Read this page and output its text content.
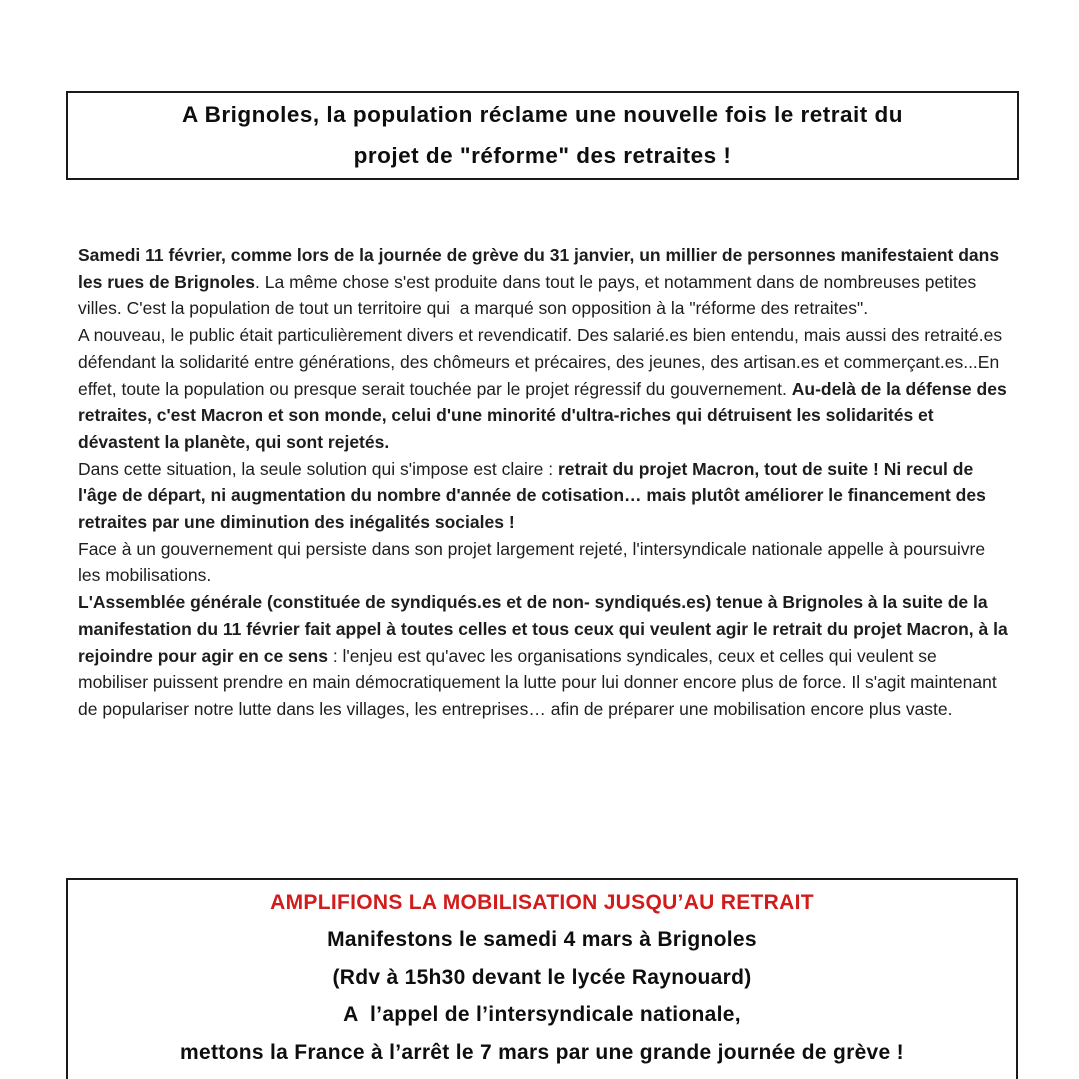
A Brignoles, la population réclame une nouvelle fois le retrait du
projet de "réforme" des retraites !
Samedi 11 février, comme lors de la journée de grève du 31 janvier, un millier de personnes manifestaient dans les rues de Brignoles. La même chose s'est produite dans tout le pays, et notamment dans de nombreuses petites villes. C'est la population de tout un territoire qui  a marqué son opposition à la "réforme des retraites".
A nouveau, le public était particulièrement divers et revendicatif. Des salarié.es bien entendu, mais aussi des retraité.es défendant la solidarité entre générations, des chômeurs et précaires, des jeunes, des artisan.es et commerçant.es...En effet, toute la population ou presque serait touchée par le projet régressif du gouvernement. Au-delà de la défense des retraites, c'est Macron et son monde, celui d'une minorité d'ultra-riches qui détruisent les solidarités et dévastent la planète, qui sont rejetés.
Dans cette situation, la seule solution qui s'impose est claire : retrait du projet Macron, tout de suite ! Ni recul de l'âge de départ, ni augmentation du nombre d'année de cotisation… mais plutôt améliorer le financement des retraites par une diminution des inégalités sociales !
Face à un gouvernement qui persiste dans son projet largement rejeté, l'intersyndicale nationale appelle à poursuivre les mobilisations.
L'Assemblée générale (constituée de syndiqués.es et de non- syndiqués.es) tenue à Brignoles à la suite de la manifestation du 11 février fait appel à toutes celles et tous ceux qui veulent agir le retrait du projet Macron, à la rejoindre pour agir en ce sens : l'enjeu est qu'avec les organisations syndicales, ceux et celles qui veulent se mobiliser puissent prendre en main démocratiquement la lutte pour lui donner encore plus de force. Il s'agit maintenant de populariser notre lutte dans les villages, les entreprises… afin de préparer une mobilisation encore plus vaste.
AMPLIFIONS LA MOBILISATION JUSQU’AU RETRAIT
Manifestons le samedi 4 mars à Brignoles
(Rdv à 15h30 devant le lycée Raynouard)
A  l’appel de l’intersyndicale nationale,
mettons la France à l’arrêt le 7 mars par une grande journée de grève !
